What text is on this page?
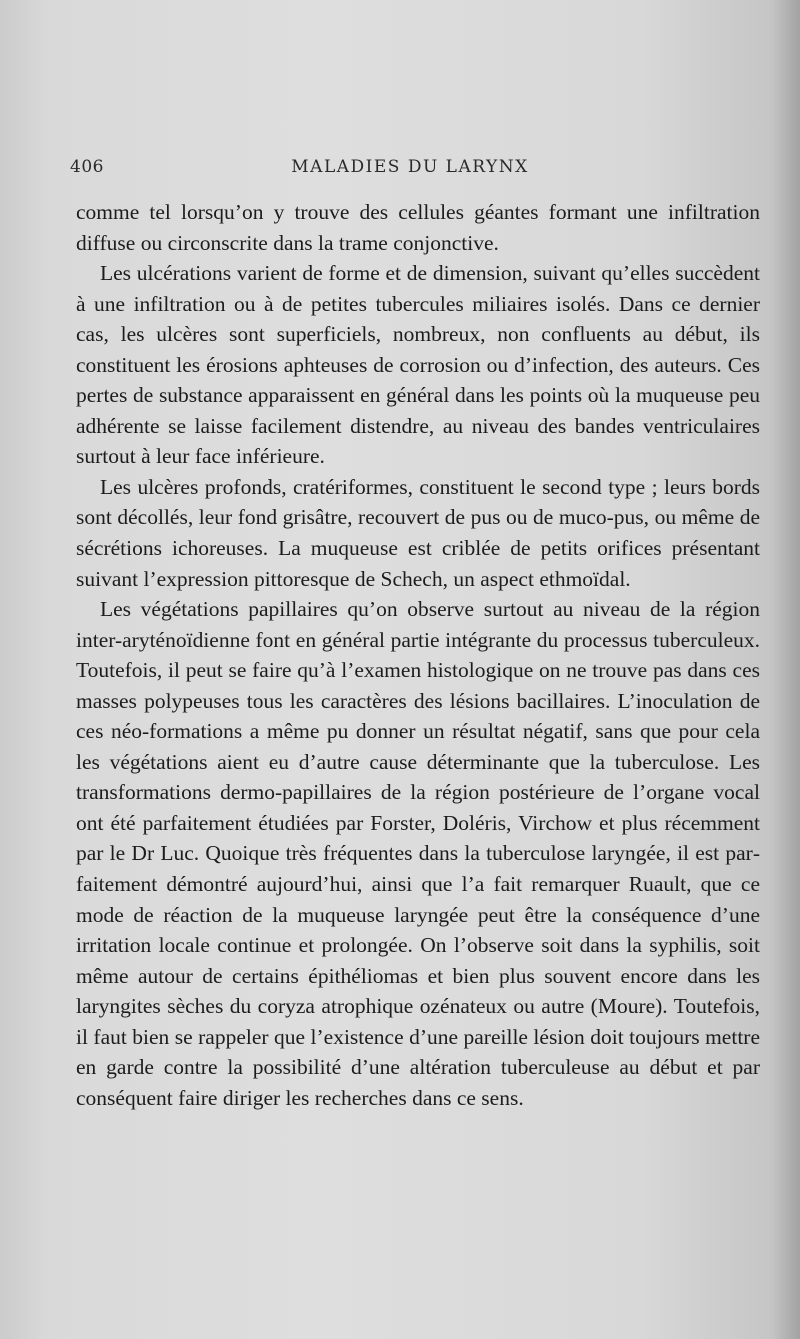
406	MALADIES DU LARYNX

comme tel lorsqu’on y trouve des cellules géantes formant une infiltration diffuse ou circonscrite dans la trame conjonctive.

Les ulcérations varient de forme et de dimension, suivant qu’elles succèdent à une infiltration ou à de petites tubercules miliaires isolés. Dans ce dernier cas, les ulcères sont superficiels, nombreux, non confluents au début, ils constituent les érosions aphteuses de corrosion ou d’infection, des auteurs. Ces pertes de substance apparaissent en général dans les points où la muqueuse peu adhérente se laisse facilement distendre, au niveau des bandes ventriculaires surtout à leur face inférieure.

Les ulcères profonds, cratériformes, constituent le second type ; leurs bords sont décollés, leur fond grisâtre, recouvert de pus ou de muco-pus, ou même de sécrétions ichoreuses. La muqueuse est criblée de petits orifices présentant suivant l’expression pittoresque de Schech, un aspect ethmoïdal.

Les végétations papillaires qu’on observe surtout au niveau de la région inter-aryténoïdienne font en général partie intégrante du processus tuberculeux. Toutefois, il peut se faire qu’à l’examen histologique on ne trouve pas dans ces masses polypeuses tous les caractères des lésions bacillaires. L’inoculation de ces néo-formations a même pu donner un résultat négatif, sans que pour cela les végétations aient eu d’autre cause déterminante que la tuberculose. Les transformations dermo-papillaires de la région postérieure de l’organe vocal ont été parfaitement étudiées par Forster, Doléris, Virchow et plus récemment par le Dr Luc. Quoique très fréquentes dans la tuberculose laryngée, il est parfaitement démontré aujourd’hui, ainsi que l’a fait remarquer Ruault, que ce mode de réaction de la muqueuse laryngée peut être la conséquence d’une irritation locale continue et prolongée. On l’observe soit dans la syphilis, soit même autour de certains épithéliomas et bien plus souvent encore dans les laryngites sèches du coryza atrophique ozénateux ou autre (Moure). Toutefois, il faut bien se rappeler que l’existence d’une pareille lésion doit toujours mettre en garde contre la possibilité d’une altération tuberculeuse au début et par conséquent faire diriger les recherches dans ce sens.
